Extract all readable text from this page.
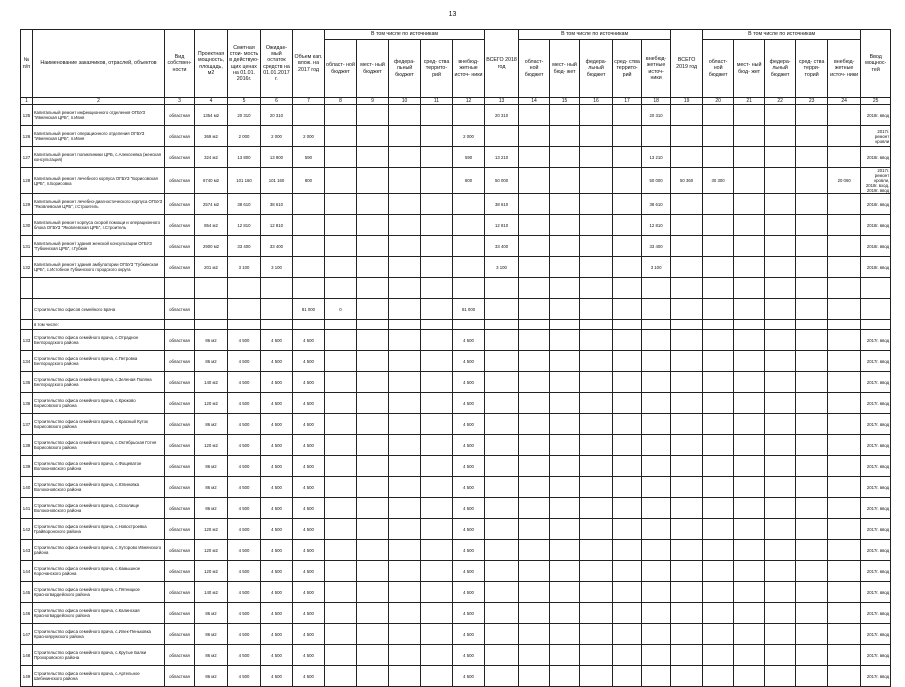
13
№ п/п	Наименование заказчиков, отраслей, объектов	Вид собствен- ности	Проектная мощность, площадь, м2	Сметная стои- мость в действую- щих ценах на 01.01. 2016г.	Ожидае- мый остаток средств на 01.01.2017 г.	Объем кап. влож. на 2017 год	В том числе по источникам					ВСЕГО 2018 год	В том числе по источникам					ВСЕГО 2019 год	В том числе по источникам					Ввод мощнос- тей
							област- ной бюджет	мест- ный бюджет	федера- льный бюджет	сред- ства террито- рий	внебюд- жетные источ- ники		област- ной бюджет	мест- ный бюд- жет	федера- льный бюджет	сред- ства террито- рий	внебюд- жетные источ- ники		област- ной бюджет	мест- ный бюд- жет	федера- льный бюджет	сред- ства терри- торий	внебюд- жетные источ- ники	
1	2	3	4	5	6	7	8	9	10	11	12	13	14	15	16	17	18	19	20	21	22	23	24	25
125	Капитальный ремонт инфекционного отделения ОГБУЗ "Ивнянская ЦРБ", п.Ивня	областная	1354 м2	20 310	20 310							20 310					20 310							2018г. ввод
126	Капитальный ремонт операционного отделения ОГБУЗ "Ивнянская ЦРБ", п.Ивня	областная	369 м2	2 000	2 000	2 000					2 000													2017г. ремонт кровли
127	Капитальный ремонт поликлиники ЦРБ, с.Алексеевка (женская консультация)	областная	324 м2	13 800	13 800	590					590	13 210					13 210							2018г. ввод
128	Капитальный ремонт лечебного корпуса ОГБУЗ "Борисовская ЦРБ", п.Борисовка	областная	6740 м2	101 160	101 160	800					800	50 000					50 000	50 360	30 300				20 060	2017г. ремонт кровли, 2018г. вход, 2019г. ввод
129	Капитальный ремонт лечебно-диагностического корпуса ОГБУЗ "Яковлевская ЦРБ", г.Строитель	областная	2574 м2	38 610	38 610							38 610					38 610							2018г. ввод
130	Капитальный ремонт корпуса скорой помощи и операционного блока ОГБУЗ "Яковлевская ЦРБ", г.Строитель	областная	854 м2	12 810	12 810							12 810					12 810							2018г. ввод
131	Капитальный ремонт здания женской консультации ОГБУЗ "Губкинская ЦРБ", г.Губкин	областная	2900 м2	33 400	33 400							33 400					33 400							2018г. ввод
132	Капитальный ремонт здания амбулатории ОГБУЗ "Губкинская ЦРБ", с.Истобное Губкинского городского округа	областная	201 м2	3 100	3 100							3 100					3 100							2018г. ввод

	Строительство офисов семейного врача	областная				81 000	0				81 000													
	в том числе:																							
133	Строительство офиса семейного врача, с.Отрадное Белгородского района	областная	86 м2	4 500	4 500	4 500					4 500													2017г. ввод
134	Строительство офиса семейного врача, с.Петровка Белгородского района	областная	86 м2	4 500	4 500	4 500					4 500													2017г. ввод
135	Строительство офиса семейного врача, с.Зеленая Поляна Белгородского района	областная	140 м2	4 500	4 500	4 500					4 500													2017г. ввод
136	Строительство офиса семейного врача, с.Крюково Борисовского района	областная	120 м2	4 500	4 500	4 500					4 500													2017г. ввод
137	Строительство офиса семейного врача, с.Красный Куток Борисовского района	областная	86 м2	4 500	4 500	4 500					4 500													2017г. ввод
138	Строительство офиса семейного врача, с.Октябрьская Готня Борисовского района	областная	120 м2	4 500	4 500	4 500					4 500													2017г. ввод
139	Строительство офиса семейного врача, с.Фощеватое Волоконовского района	областная	86 м2	4 500	4 500	4 500					4 500													2017г. ввод
140	Строительство офиса семейного врача, с.Юлиновка Волоконовского района	областная	86 м2	4 500	4 500	4 500					4 500													2017г. ввод
141	Строительство офиса семейного врача, с.Осколище Волоконовского района	областная	86 м2	4 500	4 500	4 500					4 500													2017г. ввод
142	Строительство офиса семейного врача, с.Новостроевка Грайворонского района	областная	120 м2	4 500	4 500	4 500					4 500													2017г. ввод
143	Строительство офиса семейного врача, с.Хуторово Ивнянского района	областная	120 м2	4 500	4 500	4 500					4 500													2017г. ввод
144	Строительство офиса семейного врача, с.Камышное Корочанского района	областная	120 м2	4 500	4 500	4 500					4 500													2017г. ввод
145	Строительство офиса семейного врача, с.Пятницкое Красногвардейского района	областная	140 м2	4 500	4 500	4 500					4 500													2017г. ввод
146	Строительство офиса семейного врача, с.Калинская Красногвардейского района	областная	86 м2	4 500	4 500	4 500					4 500													2017г. ввод
147	Строительство офиса семейного врача, с.Илек-Пеньковка Краснояружского района	областная	86 м2	4 500	4 500	4 500					4 500													2017г. ввод
148	Строительство офиса семейного врача, с.Крутые Балки Прохоровского района	областная	86 м2	4 500	4 500	4 500					4 500													2017г. ввод
149	Строительство офиса семейного врача, с.Артельное Шебекинского района	областная	86 м2	4 500	4 500	4 500					4 500													2017г. ввод
